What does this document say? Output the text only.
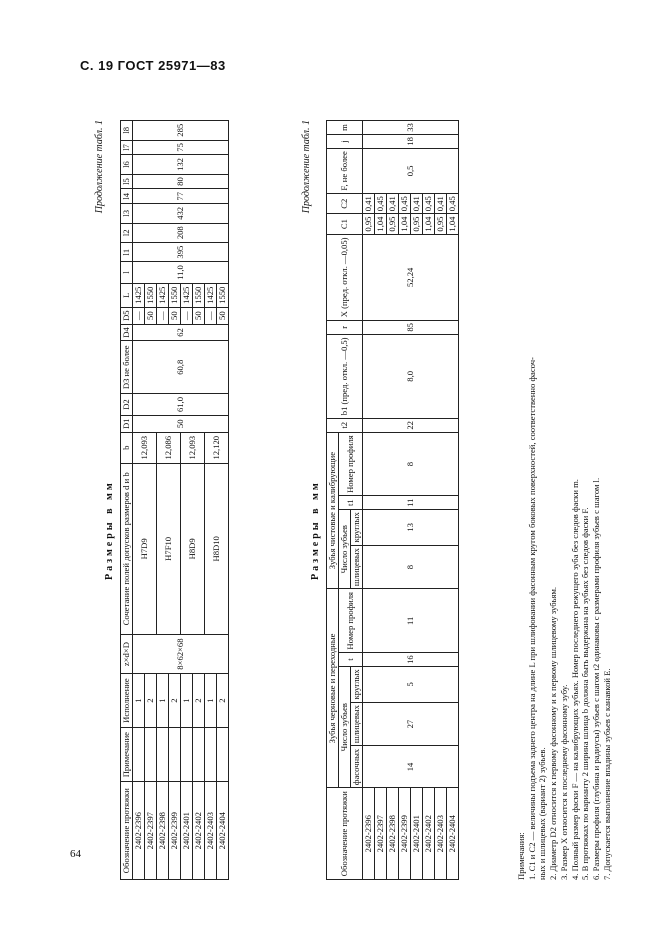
С. 19 ГОСТ 25971—83
Продолжение табл. 1
Размеры в мм
Обозначение протяжки	Примечание	Исполнение	z×d×D	Сочетание полей допусков размеров d и b	b	D1	D2	D3 не более	D4	D5	L	l	l1	l2	l3	l4	l5	l6	l7	l8
2402-2396		1	8×62×68	H7D9	12,093	50	61,0	60,8	62	—	1425	11,0	395	208	432	77	80	132	75	285
2402-2397		2								50	1550									
2402-2398		1		H7F10	12,086					—	1425									
2402-2399		2								50	1550									
2402-2401		1		H8D9	12,093					—	1425									
2402-2402		2								50	1550									
2402-2403		1		H8D10	12,120					—	1425									
2402-2404		2								50	1550									
Продолжение табл. 1
Размеры в мм
Обозначение протяжки	Зубья черновые и переходные					Зубья чистовые и калибрующие				t2	b1 (пред. откл. —0,5)	r	X (пред. откл. —0,05)	C1	C2	F, не более	j	m
	Число зубьев			t	Номер профиля	Число зубьев		t1	Номер профиля									
	фасочных	шлицевых	круглых			шлицевых	круглых											
2402-2396	14	27	5	16	11	8	13	11	8	22	8,0	85	52,24	0,95	0,41	0,5	18	33
2402-2397														1,04	0,45			
2402-2398														0,95	0,41			
2402-2399														1,04	0,45			
2402-2401														0,95	0,41			
2402-2402														1,04	0,45			
2402-2403														0,95	0,41			
2402-2404														1,04	0,45			
Примечания: 1. C1 и C2 — величины подъема заднего центра на длине L при шлифовании фасонным кругом боковых поверхностей, соответственно фасоч- ных и шлицевых (вариант 2) зубьев. 2. Диаметр D2 относится к первому фасонному и к первому шлицевому зубьям. 3. Размер X относится к последнему фасонному зубу. 4. Полный размер фаски F — на калибрующих зубьях. Номер последнего режущего зуба без следов фаски m. 5. В протяжках по варианту 2 ширина шлица b должна быть выдержана на зубьях без следов фаски F. 6. Размеры профиля (глубина и радиусы) зубьев с шагом t2 одинаковы с размерами профиля зубьев с шагом l. 7. Допускается выполнение впадины зубьев с канавкой E.
64
